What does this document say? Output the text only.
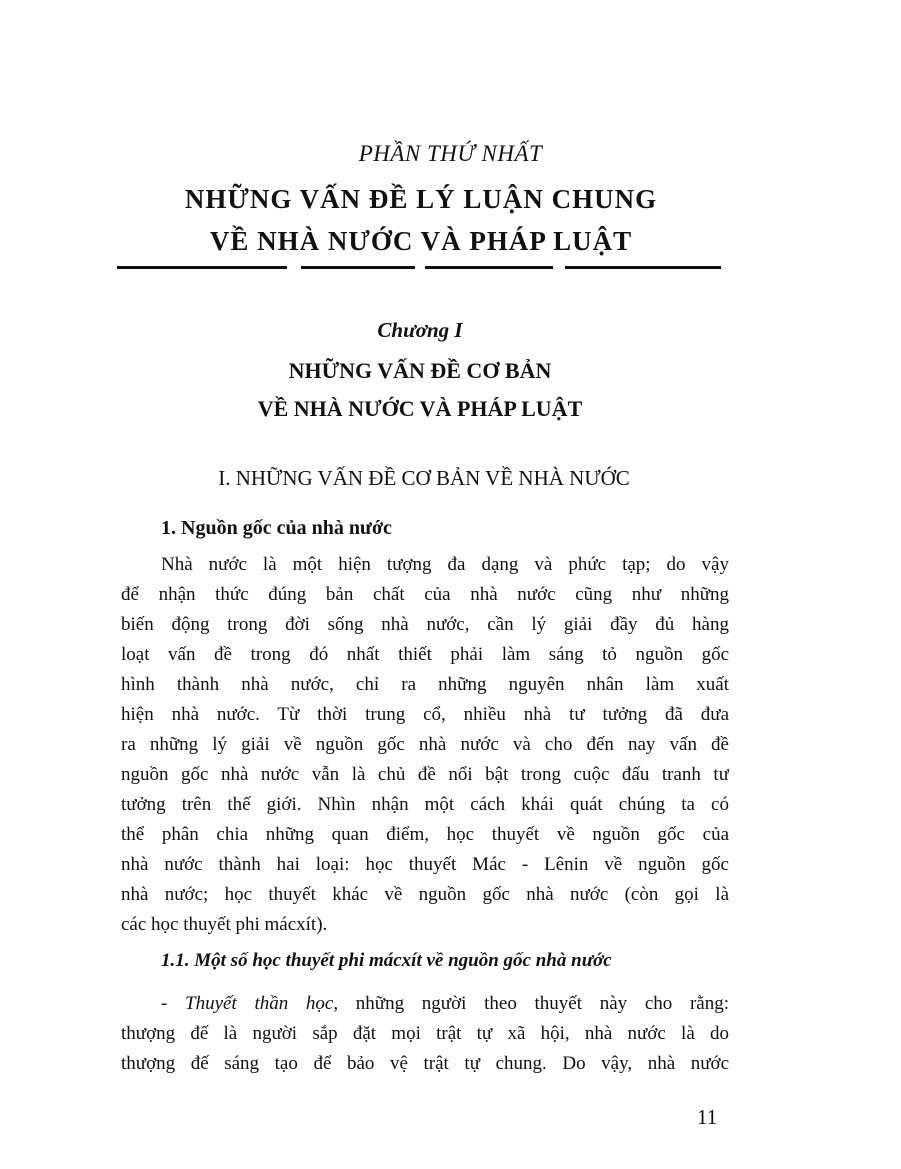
PHẦN THỨ NHẤT
NHỮNG VẤN ĐỀ LÝ LUẬN CHUNG
VỀ NHÀ NƯỚC VÀ PHÁP LUẬT
Chương I
NHỮNG VẤN ĐỀ CƠ BẢN
VỀ NHÀ NƯỚC VÀ PHÁP LUẬT
I. NHỮNG VẤN ĐỀ CƠ BẢN VỀ NHÀ NƯỚC
1. Nguồn gốc của nhà nước
Nhà nước là một hiện tượng đa dạng và phức tạp; do vậy
để nhận thức đúng bản chất của nhà nước cũng như những
biến động trong đời sống nhà nước, cần lý giải đầy đủ hàng
loạt vấn đề trong đó nhất thiết phải làm sáng tỏ nguồn gốc
hình thành nhà nước, chỉ ra những nguyên nhân làm xuất
hiện nhà nước. Từ thời trung cổ, nhiều nhà tư tưởng đã đưa
ra những lý giải về nguồn gốc nhà nước và cho đến nay vấn đề
nguồn gốc nhà nước vẫn là chủ đề nổi bật trong cuộc đấu tranh tư
tưởng trên thế giới. Nhìn nhận một cách khái quát chúng ta có
thể phân chia những quan điểm, học thuyết về nguồn gốc của
nhà nước thành hai loại: học thuyết Mác - Lênin về nguồn gốc
nhà nước; học thuyết khác về nguồn gốc nhà nước (còn gọi là
các học thuyết phi mácxít).
1.1. Một số học thuyết phi mácxít về nguồn gốc nhà nước
- Thuyết thần học, những người theo thuyết này cho rằng:
thượng đế là người sắp đặt mọi trật tự xã hội, nhà nước là do
thượng đế sáng tạo để bảo vệ trật tự chung. Do vậy, nhà nước
11
